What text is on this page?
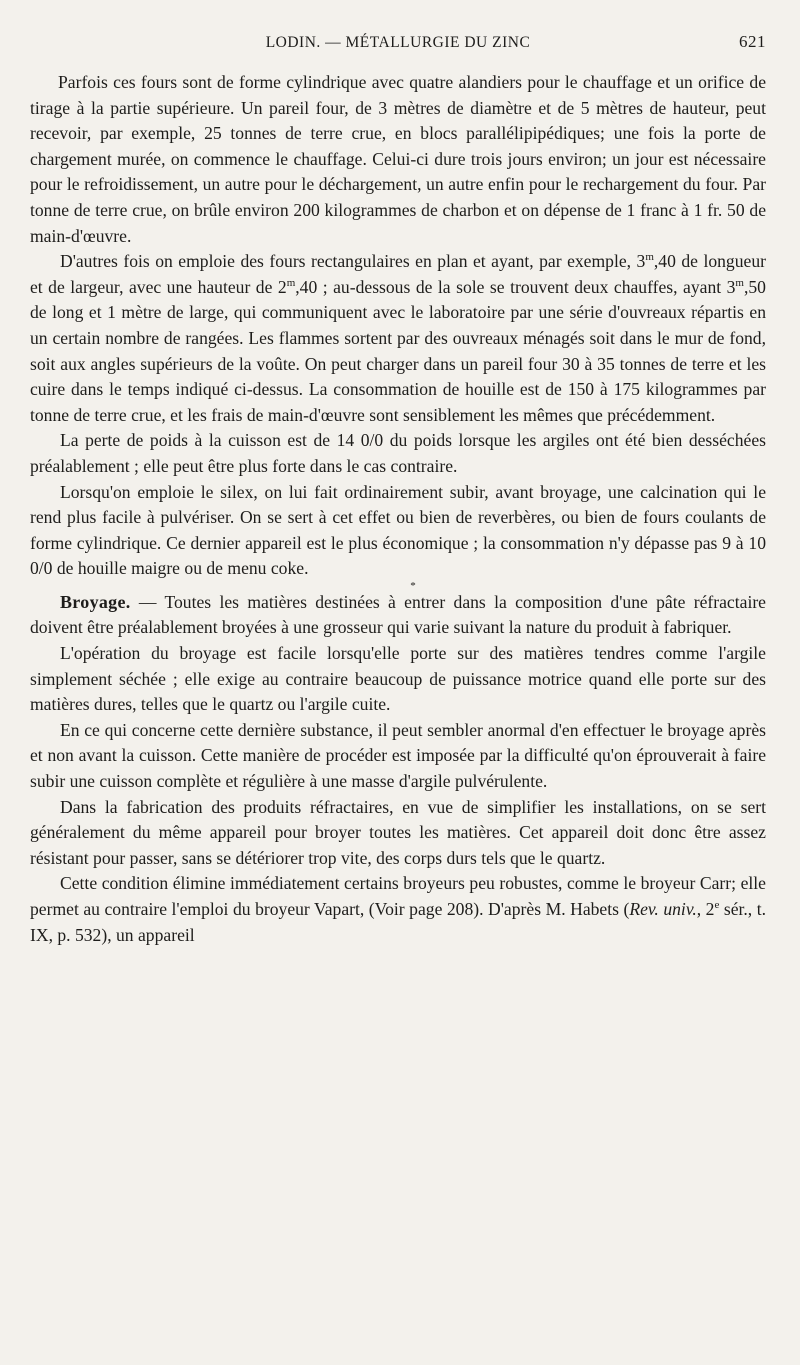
LODIN. — MÉTALLURGIE DU ZINC	621

Parfois ces fours sont de forme cylindrique avec quatre alandiers pour le chauffage et un orifice de tirage à la partie supérieure. Un pareil four, de 3 mètres de diamètre et de 5 mètres de hauteur, peut recevoir, par exemple, 25 tonnes de terre crue, en blocs parallélipipédiques; une fois la porte de chargement murée, on commence le chauffage. Celui-ci dure trois jours environ; un jour est nécessaire pour le refroidissement, un autre pour le déchargement, un autre enfin pour le rechargement du four. Par tonne de terre crue, on brûle environ 200 kilogrammes de charbon et on dépense de 1 franc à 1 fr. 50 de main-d'œuvre.

D'autres fois on emploie des fours rectangulaires en plan et ayant, par exemple, 3$^m$,40 de longueur et de largeur, avec une hauteur de 2$^m$,40 ; au-dessous de la sole se trouvent deux chauffes, ayant 3$^m$,50 de long et 1 mètre de large, qui communiquent avec le laboratoire par une série d'ouvreaux répartis en un certain nombre de rangées. Les flammes sortent par des ouvreaux ménagés soit dans le mur de fond, soit aux angles supérieurs de la voûte. On peut charger dans un pareil four 30 à 35 tonnes de terre et les cuire dans le temps indiqué ci-dessus. La consommation de houille est de 150 à 175 kilogrammes par tonne de terre crue, et les frais de main-d'œuvre sont sensiblement les mêmes que précédemment.

La perte de poids à la cuisson est de 14 0/0 du poids lorsque les argiles ont été bien desséchées préalablement ; elle peut être plus forte dans le cas contraire.

Lorsqu'on emploie le silex, on lui fait ordinairement subir, avant broyage, une calcination qui le rend plus facile à pulvériser. On se sert à cet effet ou bien de reverbères, ou bien de fours coulants de forme cylindrique. Ce dernier appareil est le plus économique ; la consommation n'y dépasse pas 9 à 10 0/0 de houille maigre ou de menu coke.

*

Broyage. — Toutes les matières destinées à entrer dans la composition d'une pâte réfractaire doivent être préalablement broyées à une grosseur qui varie suivant la nature du produit à fabriquer.

L'opération du broyage est facile lorsqu'elle porte sur des matières tendres comme l'argile simplement séchée ; elle exige au contraire beaucoup de puissance motrice quand elle porte sur des matières dures, telles que le quartz ou l'argile cuite.

En ce qui concerne cette dernière substance, il peut sembler anormal d'en effectuer le broyage après et non avant la cuisson. Cette manière de procéder est imposée par la difficulté qu'on éprouverait à faire subir une cuisson complète et régulière à une masse d'argile pulvérulente.

Dans la fabrication des produits réfractaires, en vue de simplifier les installations, on se sert généralement du même appareil pour broyer toutes les matières. Cet appareil doit donc être assez résistant pour passer, sans se détériorer trop vite, des corps durs tels que le quartz.

Cette condition élimine immédiatement certains broyeurs peu robustes, comme le broyeur Carr; elle permet au contraire l'emploi du broyeur Vapart, (Voir page 208). D'après M. Habets (Rev. univ., 2e sér., t. IX, p. 532), un appareil
